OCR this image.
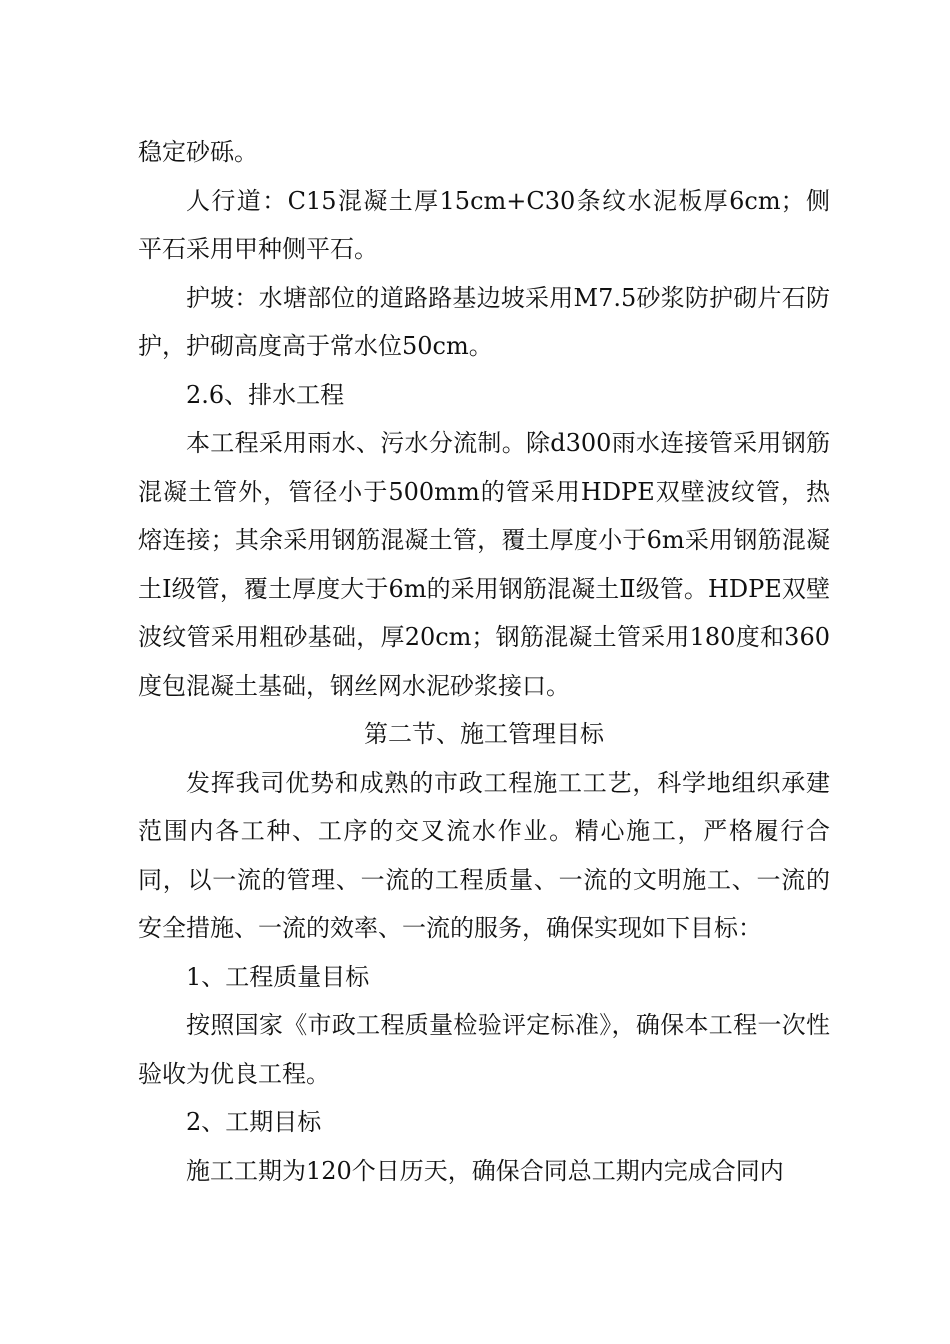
稳定砂砾。

人行道：C15混凝土厚15cm+C30条纹水泥板厚6cm；侧平石采用甲种侧平石。

护坡：水塘部位的道路路基边坡采用M7.5砂浆防护砌片石防护，护砌高度高于常水位50cm。

2.6、排水工程

本工程采用雨水、污水分流制。除d300雨水连接管采用钢筋混凝土管外，管径小于500mm的管采用HDPE双壁波纹管，热熔连接；其余采用钢筋混凝土管，覆土厚度小于6m采用钢筋混凝土Ⅰ级管，覆土厚度大于6m的采用钢筋混凝土Ⅱ级管。HDPE双壁波纹管采用粗砂基础，厚20cm；钢筋混凝土管采用180度和360度包混凝土基础，钢丝网水泥砂浆接口。

第二节、施工管理目标

发挥我司优势和成熟的市政工程施工工艺，科学地组织承建范围内各工种、工序的交叉流水作业。精心施工，严格履行合同，以一流的管理、一流的工程质量、一流的文明施工、一流的安全措施、一流的效率、一流的服务，确保实现如下目标：

1、工程质量目标

按照国家《市政工程质量检验评定标准》，确保本工程一次性验收为优良工程。

2、工期目标

施工工期为120个日历天，确保合同总工期内完成合同内
